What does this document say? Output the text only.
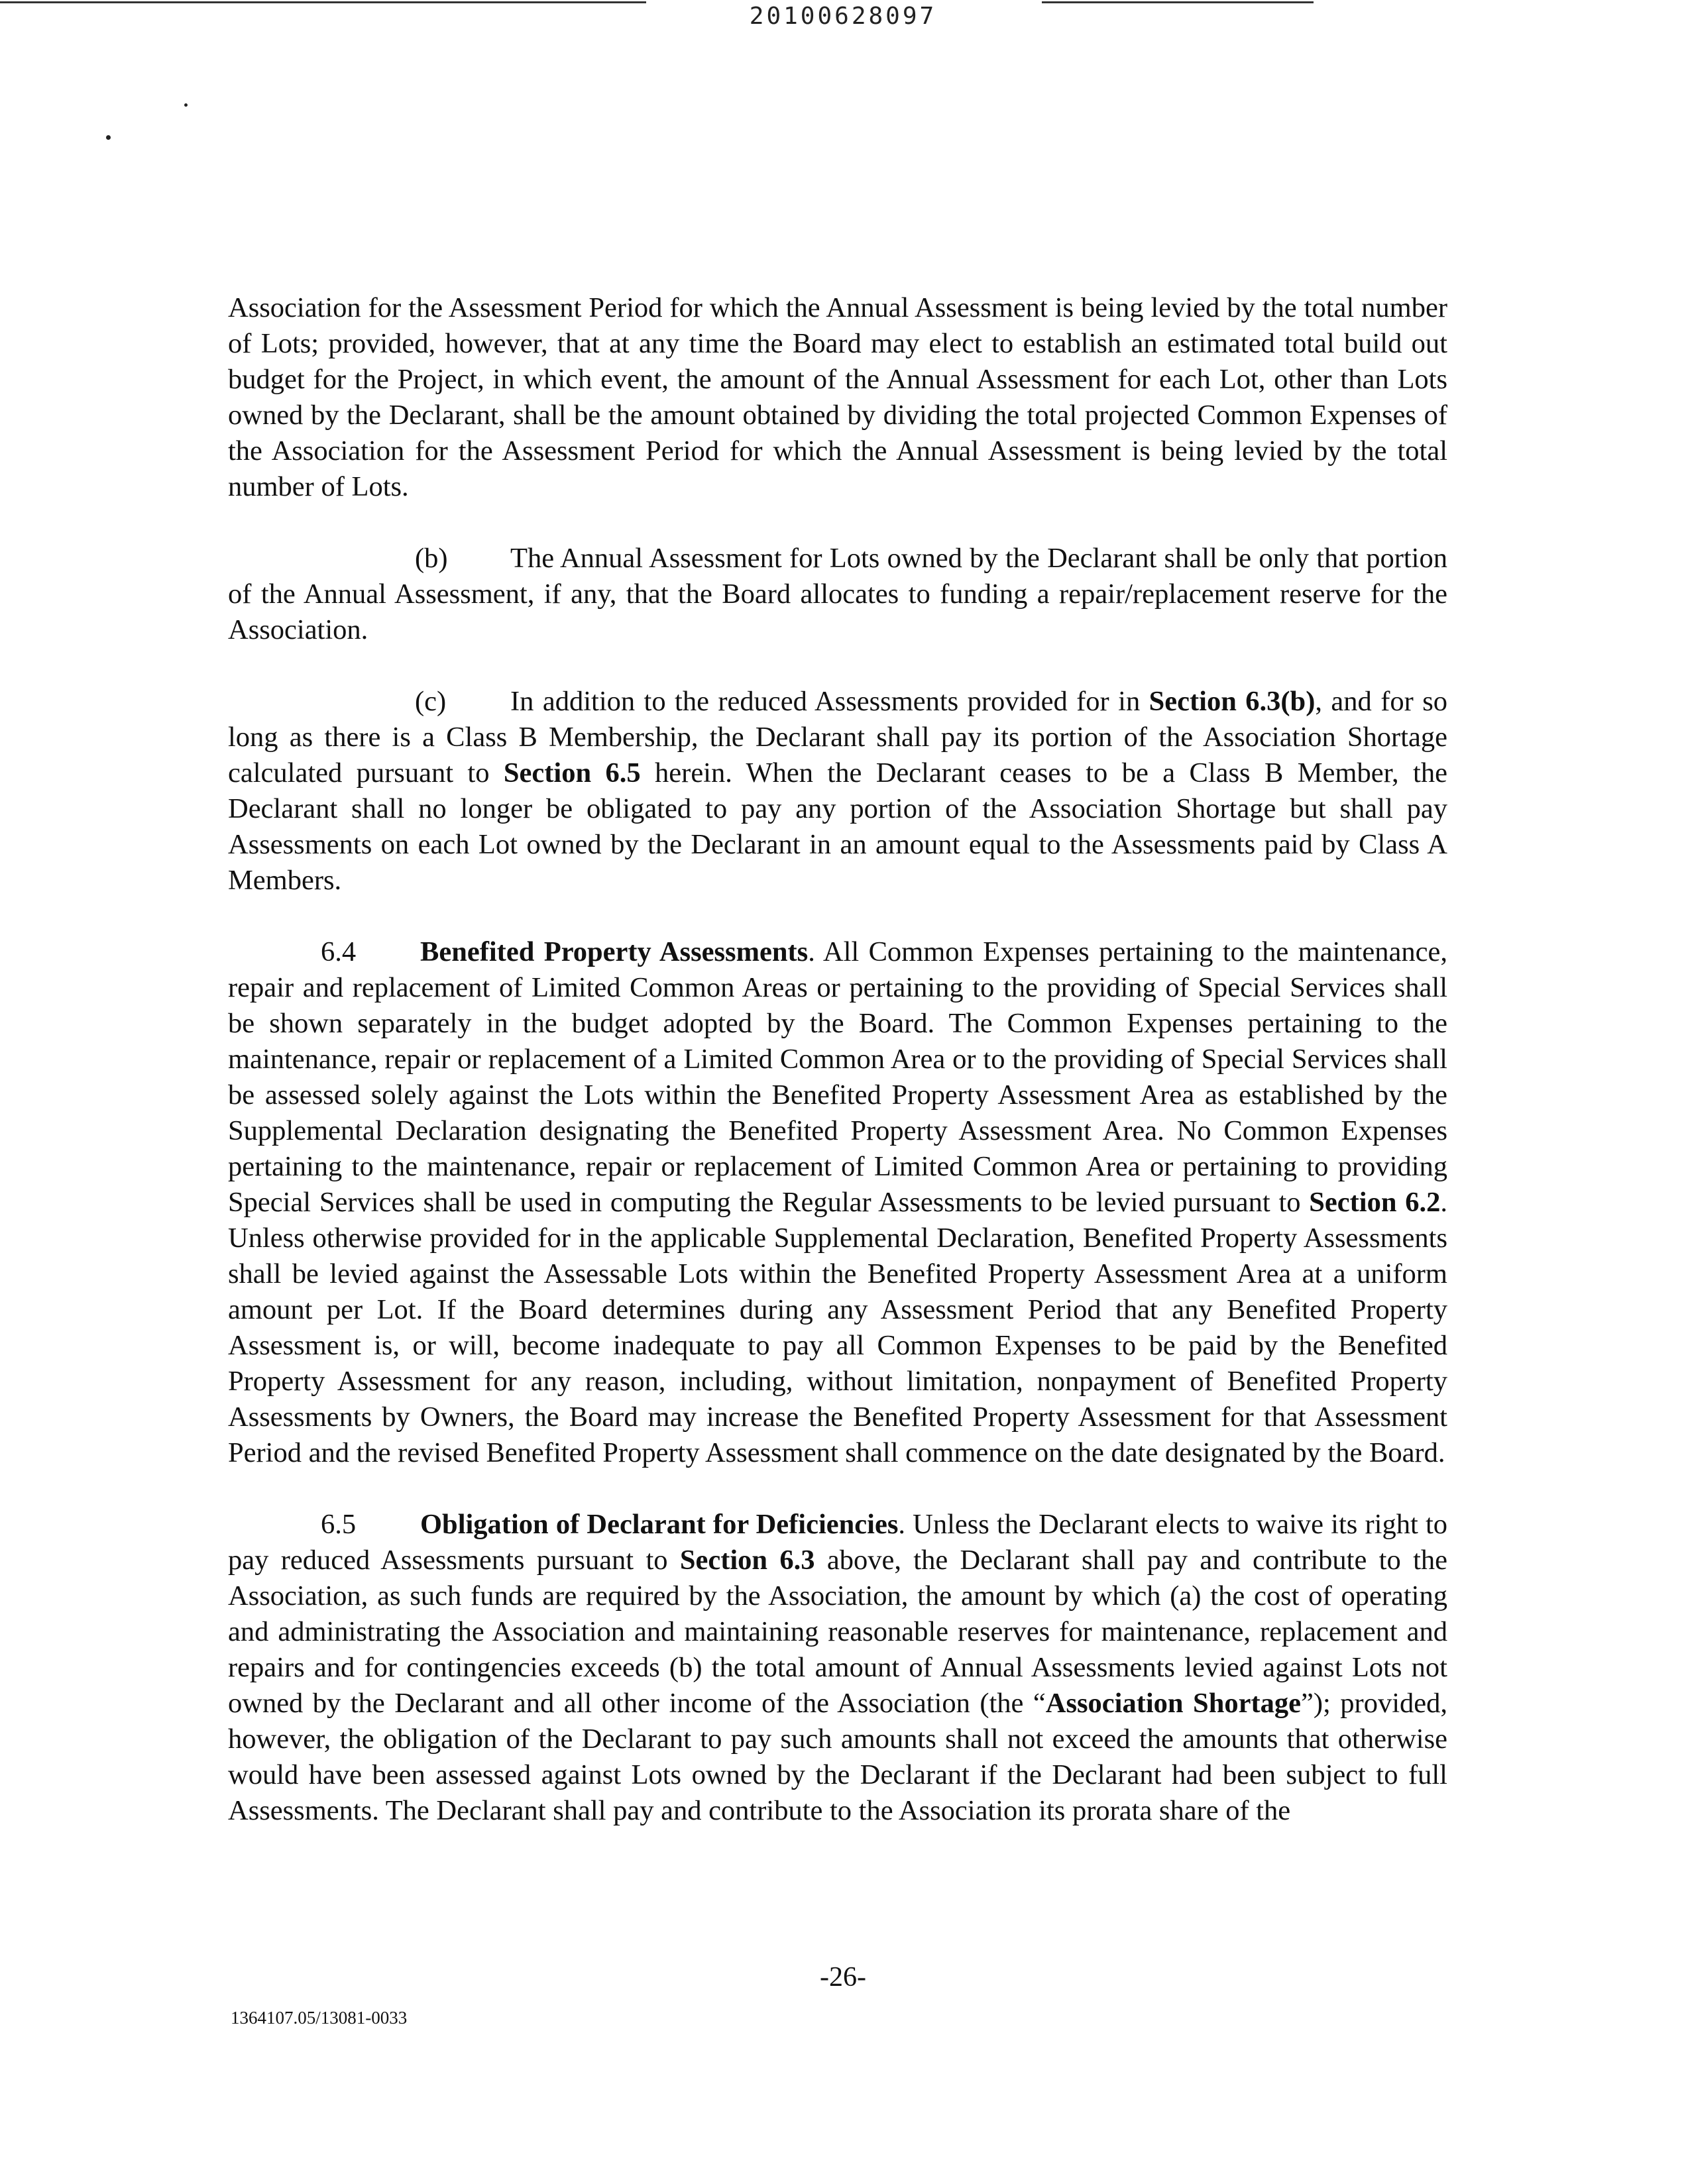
20100628097

Association for the Assessment Period for which the Annual Assessment is being levied by the total number of Lots; provided, however, that at any time the Board may elect to establish an estimated total build out budget for the Project, in which event, the amount of the Annual Assessment for each Lot, other than Lots owned by the Declarant, shall be the amount obtained by dividing the total projected Common Expenses of the Association for the Assessment Period for which the Annual Assessment is being levied by the total number of Lots.

(b) The Annual Assessment for Lots owned by the Declarant shall be only that portion of the Annual Assessment, if any, that the Board allocates to funding a repair/replacement reserve for the Association.

(c) In addition to the reduced Assessments provided for in Section 6.3(b), and for so long as there is a Class B Membership, the Declarant shall pay its portion of the Association Shortage calculated pursuant to Section 6.5 herein. When the Declarant ceases to be a Class B Member, the Declarant shall no longer be obligated to pay any portion of the Association Shortage but shall pay Assessments on each Lot owned by the Declarant in an amount equal to the Assessments paid by Class A Members.

6.4 Benefited Property Assessments. All Common Expenses pertaining to the maintenance, repair and replacement of Limited Common Areas or pertaining to the providing of Special Services shall be shown separately in the budget adopted by the Board. The Common Expenses pertaining to the maintenance, repair or replacement of a Limited Common Area or to the providing of Special Services shall be assessed solely against the Lots within the Benefited Property Assessment Area as established by the Supplemental Declaration designating the Benefited Property Assessment Area. No Common Expenses pertaining to the maintenance, repair or replacement of Limited Common Area or pertaining to providing Special Services shall be used in computing the Regular Assessments to be levied pursuant to Section 6.2. Unless otherwise provided for in the applicable Supplemental Declaration, Benefited Property Assessments shall be levied against the Assessable Lots within the Benefited Property Assessment Area at a uniform amount per Lot. If the Board determines during any Assessment Period that any Benefited Property Assessment is, or will, become inadequate to pay all Common Expenses to be paid by the Benefited Property Assessment for any reason, including, without limitation, nonpayment of Benefited Property Assessments by Owners, the Board may increase the Benefited Property Assessment for that Assessment Period and the revised Benefited Property Assessment shall commence on the date designated by the Board.

6.5 Obligation of Declarant for Deficiencies. Unless the Declarant elects to waive its right to pay reduced Assessments pursuant to Section 6.3 above, the Declarant shall pay and contribute to the Association, as such funds are required by the Association, the amount by which (a) the cost of operating and administrating the Association and maintaining reasonable reserves for maintenance, replacement and repairs and for contingencies exceeds (b) the total amount of Annual Assessments levied against Lots not owned by the Declarant and all other income of the Association (the “Association Shortage”); provided, however, the obligation of the Declarant to pay such amounts shall not exceed the amounts that otherwise would have been assessed against Lots owned by the Declarant if the Declarant had been subject to full Assessments. The Declarant shall pay and contribute to the Association its prorata share of the

-26-
1364107.05/13081-0033
